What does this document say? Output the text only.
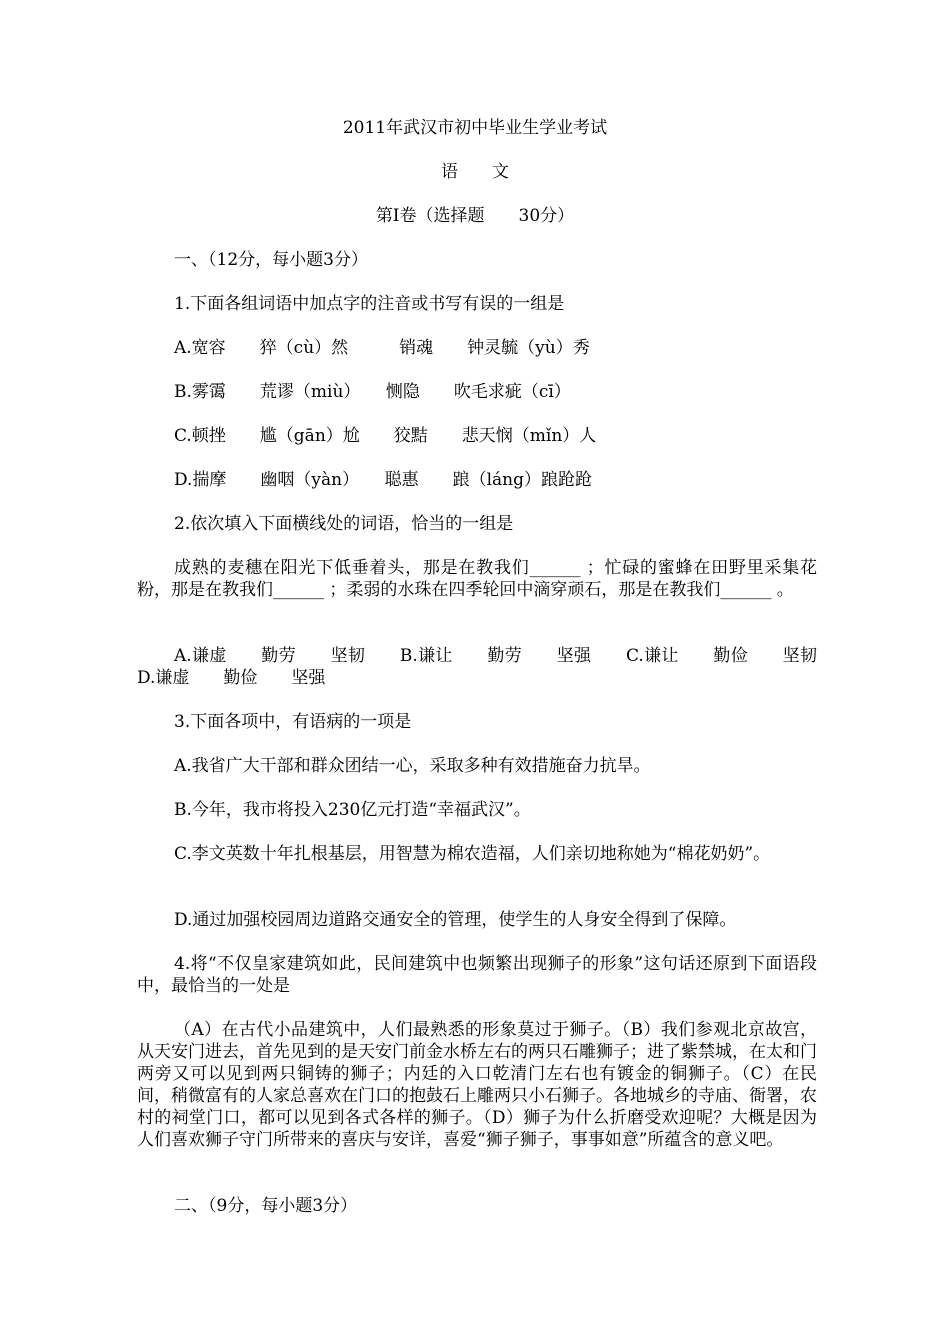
2011年武汉市初中毕业生学业考试
语　　文
第Ⅰ卷（选择题　　30分）
一、（12分，每小题3分）
1.下面各组词语中加点字的注音或书写有误的一组是
A.宽容　　猝（cù）然　　　销魂　　钟灵毓（yù）秀
B.雾霭　　荒谬（miù）　　恻隐　　吹毛求疵（cī）
C.顿挫　　尴（gān）尬　　狡黠　　悲天悯（mǐn）人
D.揣摩　　幽咽（yàn）　　聪惠　　踉（láng）踉跄跄
2.依次填入下面横线处的词语，恰当的一组是
成熟的麦穗在阳光下低垂着头，那是在教我们______ ；忙碌的蜜蜂在田野里采集花粉，那是在教我们______ ；柔弱的水珠在四季轮回中滴穿顽石，那是在教我们______ 。
A.谦虚　　勤劳　　坚韧　　B.谦让　　勤劳　　坚强　　C.谦让　　勤俭　　坚韧　　D.谦虚　　勤俭　　坚强
3.下面各项中，有语病的一项是
A.我省广大干部和群众团结一心，采取多种有效措施奋力抗旱。
B.今年，我市将投入230亿元打造“幸福武汉”。
C.李文英数十年扎根基层，用智慧为棉农造福，人们亲切地称她为“棉花奶奶”。
D.通过加强校园周边道路交通安全的管理，使学生的人身安全得到了保障。
4.将“不仅皇家建筑如此，民间建筑中也频繁出现狮子的形象”这句话还原到下面语段中，最恰当的一处是
（A）在古代小品建筑中，人们最熟悉的形象莫过于狮子。（B）我们参观北京故宫，从天安门进去，首先见到的是天安门前金水桥左右的两只石雕狮子；进了紫禁城，在太和门两旁又可以见到两只铜铸的狮子；内廷的入口乾清门左右也有镀金的铜狮子。（C）在民间，稍微富有的人家总喜欢在门口的抱鼓石上雕两只小石狮子。各地城乡的寺庙、衙署，农村的祠堂门口，都可以见到各式各样的狮子。（D）狮子为什么折磨受欢迎呢？大概是因为人们喜欢狮子守门所带来的喜庆与安详，喜爱“狮子狮子，事事如意”所蕴含的意义吧。
二、（9分，每小题3分）
